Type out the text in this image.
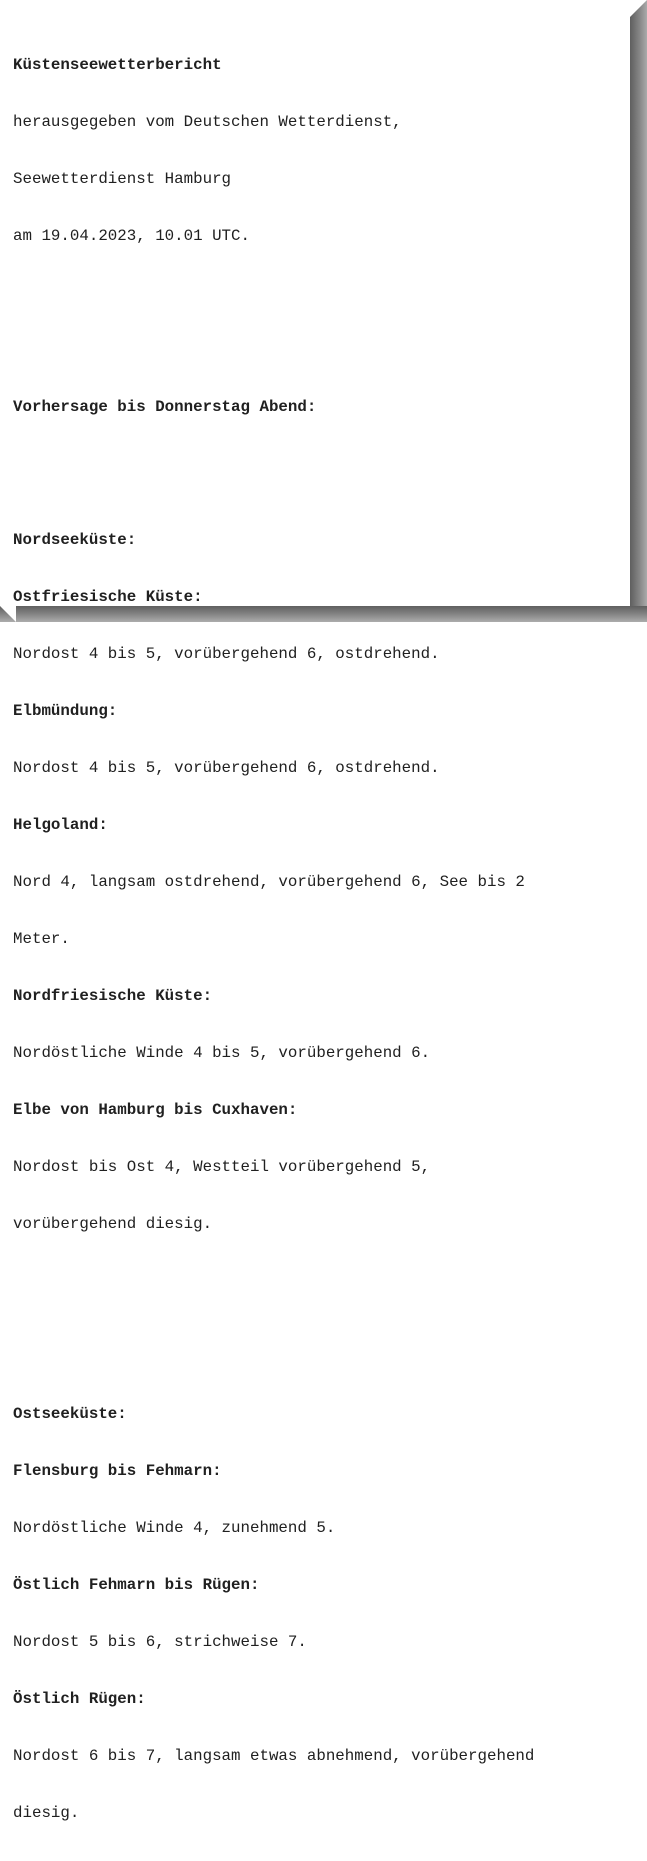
Küstenseewetterbericht

herausgegeben vom Deutschen Wetterdienst,

Seewetterdienst Hamburg

am 19.04.2023, 10.01 UTC.

Vorhersage bis Donnerstag Abend:

Nordseeküste:

Ostfriesische Küste:

Nordost 4 bis 5, vorübergehend 6, ostdrehend.

Elbmündung:

Nordost 4 bis 5, vorübergehend 6, ostdrehend.

Helgoland:

Nord 4, langsam ostdrehend, vorübergehend 6, See bis 2

Meter.

Nordfriesische Küste:

Nordöstliche Winde 4 bis 5, vorübergehend 6.

Elbe von Hamburg bis Cuxhaven:

Nordost bis Ost 4, Westteil vorübergehend 5,

vorübergehend diesig.

Ostseeküste:

Flensburg bis Fehmarn:

Nordöstliche Winde 4, zunehmend 5.

Östlich Fehmarn bis Rügen:

Nordost 5 bis 6, strichweise 7.

Östlich Rügen:

Nordost 6 bis 7, langsam etwas abnehmend, vorübergehend

diesig.
